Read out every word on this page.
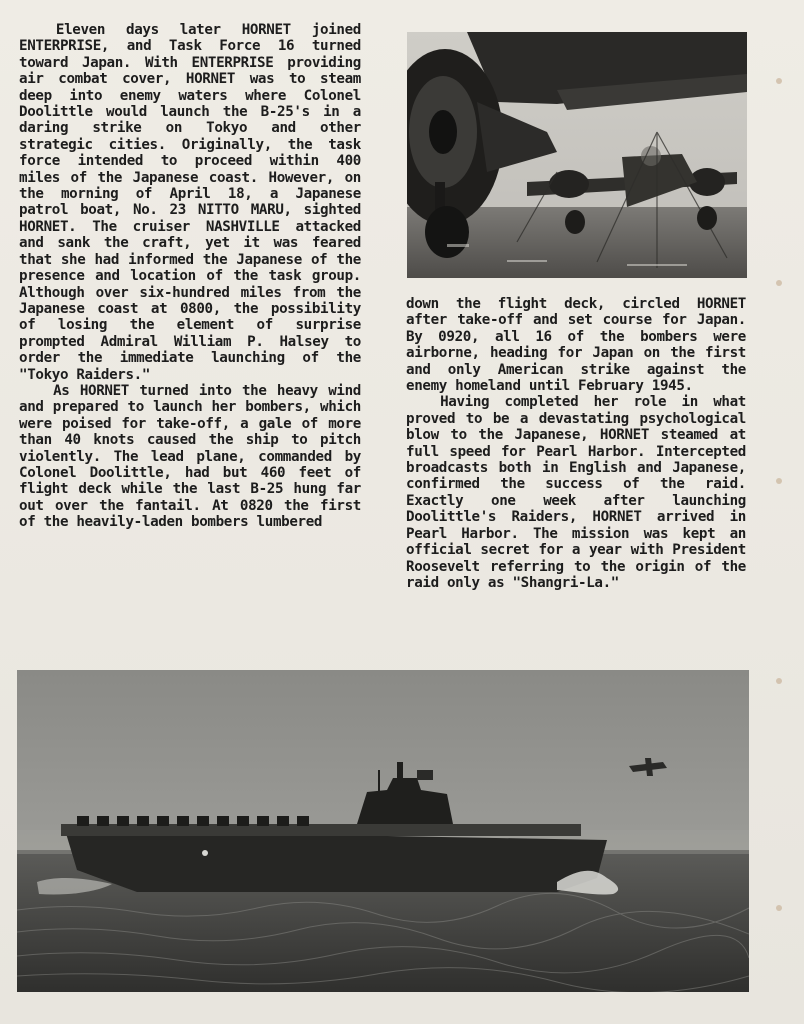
Eleven days later HORNET joined ENTERPRISE, and Task Force 16 turned toward Japan. With ENTERPRISE providing air combat cover, HORNET was to steam deep into enemy waters where Colonel Doolittle would launch the B-25's in a daring strike on Tokyo and other strategic cities. Originally, the task force intended to proceed within 400 miles of the Japanese coast. However, on the morning of April 18, a Japanese patrol boat, No. 23 NITTO MARU, sighted HORNET. The cruiser NASHVILLE attacked and sank the craft, yet it was feared that she had informed the Japanese of the presence and location of the task group. Although over six-hundred miles from the Japanese coast at 0800, the possibility of losing the element of surprise prompted Admiral William P. Halsey to order the immediate launching of the "Tokyo Raiders."

As HORNET turned into the heavy wind and prepared to launch her bombers, which were poised for take-off, a gale of more than 40 knots caused the ship to pitch violently. The lead plane, commanded by Colonel Doolittle, had but 460 feet of flight deck while the last B-25 hung far out over the fantail. At 0820 the first of the heavily-laden bombers lumbered

down the flight deck, circled HORNET after take-off and set course for Japan. By 0920, all 16 of the bombers were airborne, heading for Japan on the first and only American strike against the enemy homeland until February 1945.

Having completed her role in what proved to be a devastating psychological blow to the Japanese, HORNET steamed at full speed for Pearl Harbor. Intercepted broadcasts both in English and Japanese, confirmed the success of the raid. Exactly one week after launching Doolittle's Raiders, HORNET arrived in Pearl Harbor. The mission was kept an official secret for a year with President Roosevelt referring to the origin of the raid only as "Shangri-La."
